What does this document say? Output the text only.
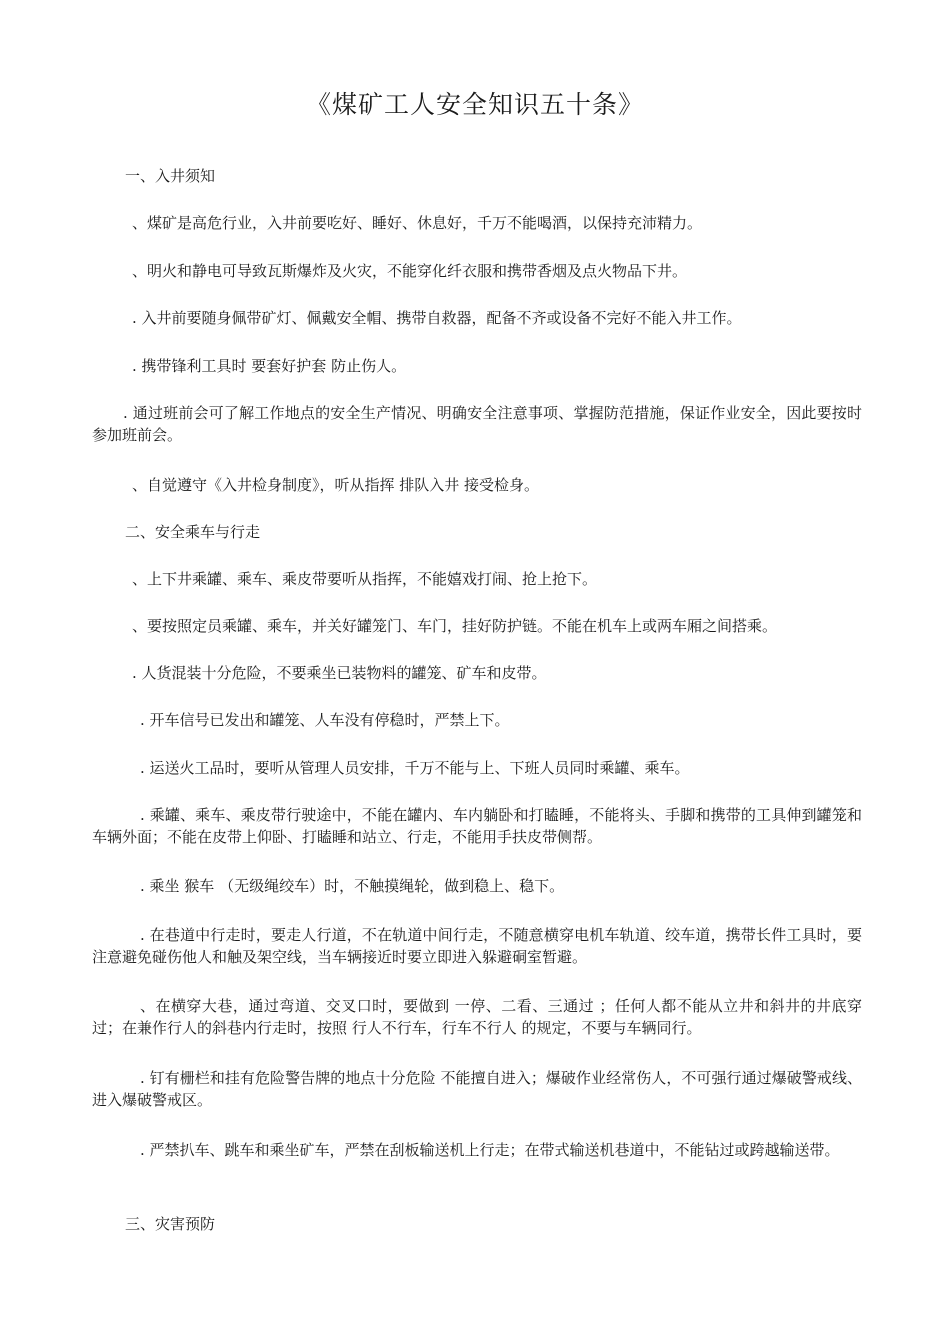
《煤矿工人安全知识五十条》
一、入井须知
、煤矿是高危行业，入井前要吃好、睡好、休息好，千万不能喝酒，以保持充沛精力。
、明火和静电可导致瓦斯爆炸及火灾，不能穿化纤衣服和携带香烟及点火物品下井。
. 入井前要随身佩带矿灯、佩戴安全帽、携带自救器，配备不齐或设备不完好不能入井工作。
. 携带锋利工具时 要套好护套 防止伤人。
. 通过班前会可了解工作地点的安全生产情况、明确安全注意事项、掌握防范措施，保证作业安全，因此要按时参加班前会。
、自觉遵守《入井检身制度》，听从指挥 排队入井 接受检身。
二、安全乘车与行走
、上下井乘罐、乘车、乘皮带要听从指挥，不能嬉戏打闹、抢上抢下。
、要按照定员乘罐、乘车，并关好罐笼门、车门，挂好防护链。不能在机车上或两车厢之间搭乘。
. 人货混装十分危险，不要乘坐已装物料的罐笼、矿车和皮带。
. 开车信号已发出和罐笼、人车没有停稳时，严禁上下。
. 运送火工品时，要听从管理人员安排，千万不能与上、下班人员同时乘罐、乘车。
. 乘罐、乘车、乘皮带行驶途中，不能在罐内、车内躺卧和打瞌睡，不能将头、手脚和携带的工具伸到罐笼和车辆外面；不能在皮带上仰卧、打瞌睡和站立、行走，不能用手扶皮带侧帮。
. 乘坐 猴车 （无级绳绞车）时，不触摸绳轮，做到稳上、稳下。
. 在巷道中行走时，要走人行道，不在轨道中间行走，不随意横穿电机车轨道、绞车道，携带长件工具时，要注意避免碰伤他人和触及架空线，当车辆接近时要立即进入躲避硐室暂避。
、在横穿大巷，通过弯道、交叉口时，要做到 一停、二看、三通过 ；任何人都不能从立井和斜井的井底穿过；在兼作行人的斜巷内行走时，按照 行人不行车，行车不行人 的规定，不要与车辆同行。
. 钉有栅栏和挂有危险警告牌的地点十分危险 不能擅自进入；爆破作业经常伤人，不可强行通过爆破警戒线、进入爆破警戒区。
. 严禁扒车、跳车和乘坐矿车，严禁在刮板输送机上行走；在带式输送机巷道中，不能钻过或跨越输送带。
三、灾害预防
